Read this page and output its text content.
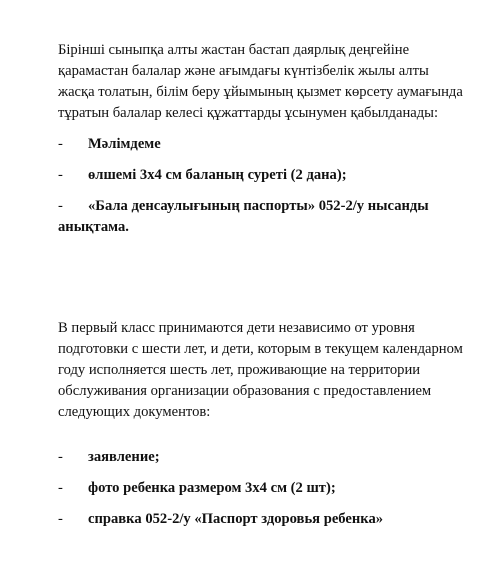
Бірінші сыныпқа алты жастан бастап даярлық деңгейіне қарамастан балалар және ағымдағы күнтізбелік жылы алты жасқа толатын, білім беру ұйымының қызмет көрсету аумағында тұратын балалар келесі құжаттарды ұсынумен қабылданады:

- Мәлімдеме
- өлшемі 3х4 см баланың суреті (2 дана);
- «Бала денсаулығының паспорты» 052-2/у нысанды анықтама.

В первый класс принимаются дети независимо от уровня подготовки с шести лет, и дети, которым в текущем календарном году исполняется шесть лет, проживающие на территории обслуживания организации образования с предоставлением следующих документов:

- заявление;
- фото ребенка размером 3х4 см (2 шт);
- справка 052-2/у «Паспорт здоровья ребенка»
